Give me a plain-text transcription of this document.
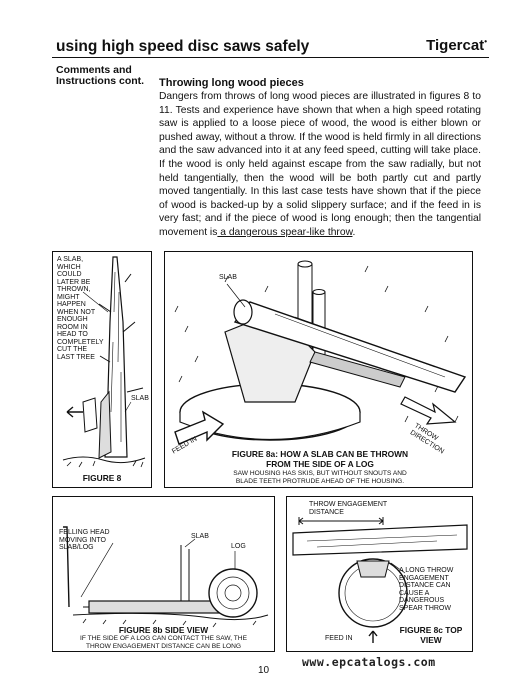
using high speed disc saws safely	Tigercat•
Comments and
Instructions cont. Throwing long wood pieces
Dangers from throws of long wood pieces are illustrated in figures 8 to 11. Tests and experience have shown that when a high speed rotating saw is applied to a loose piece of wood, the wood is either blown or pushed away, without a throw. If the wood is held firmly in all directions and the saw advanced into it at any feed speed, cutting will take place. If the wood is only held against escape from the saw radially, but not held tangentially, then the wood will be both partly cut and partly moved tangentially. In this last case tests have shown that if the piece of wood is backed-up by a solid slippery surface; and if the feed in is very fast; and if the piece of wood is long enough; then the tangential movement is a dangerous spear-like throw.
A SLAB, WHICH COULD LATER BE THROWN, MIGHT HAPPEN WHEN NOT ENOUGH ROOM IN HEAD TO COMPLETELY CUT THE LAST TREE
SLAB
FIGURE 8
SLAB
FEED IN
THROW DIRECTION
FIGURE 8a: HOW A SLAB CAN BE THROWN
FROM THE SIDE OF A LOG
SAW HOUSING HAS SKIS, BUT WITHOUT SNOUTS AND
BLADE TEETH PROTRUDE AHEAD OF THE HOUSING.
FELLING HEAD
MOVING INTO
SLAB/LOG
SLAB
LOG
FIGURE 8b SIDE VIEW
IF THE SIDE OF A LOG CAN CONTACT THE SAW, THE
THROW ENGAGEMENT DISTANCE CAN BE LONG
THROW ENGAGEMENT
DISTANCE
A LONG THROW
ENGAGEMENT
DISTANCE CAN
CAUSE A
DANGEROUS
SPEAR THROW
FEED IN
FIGURE 8c TOP
VIEW
10
www.epcatalogs.com
